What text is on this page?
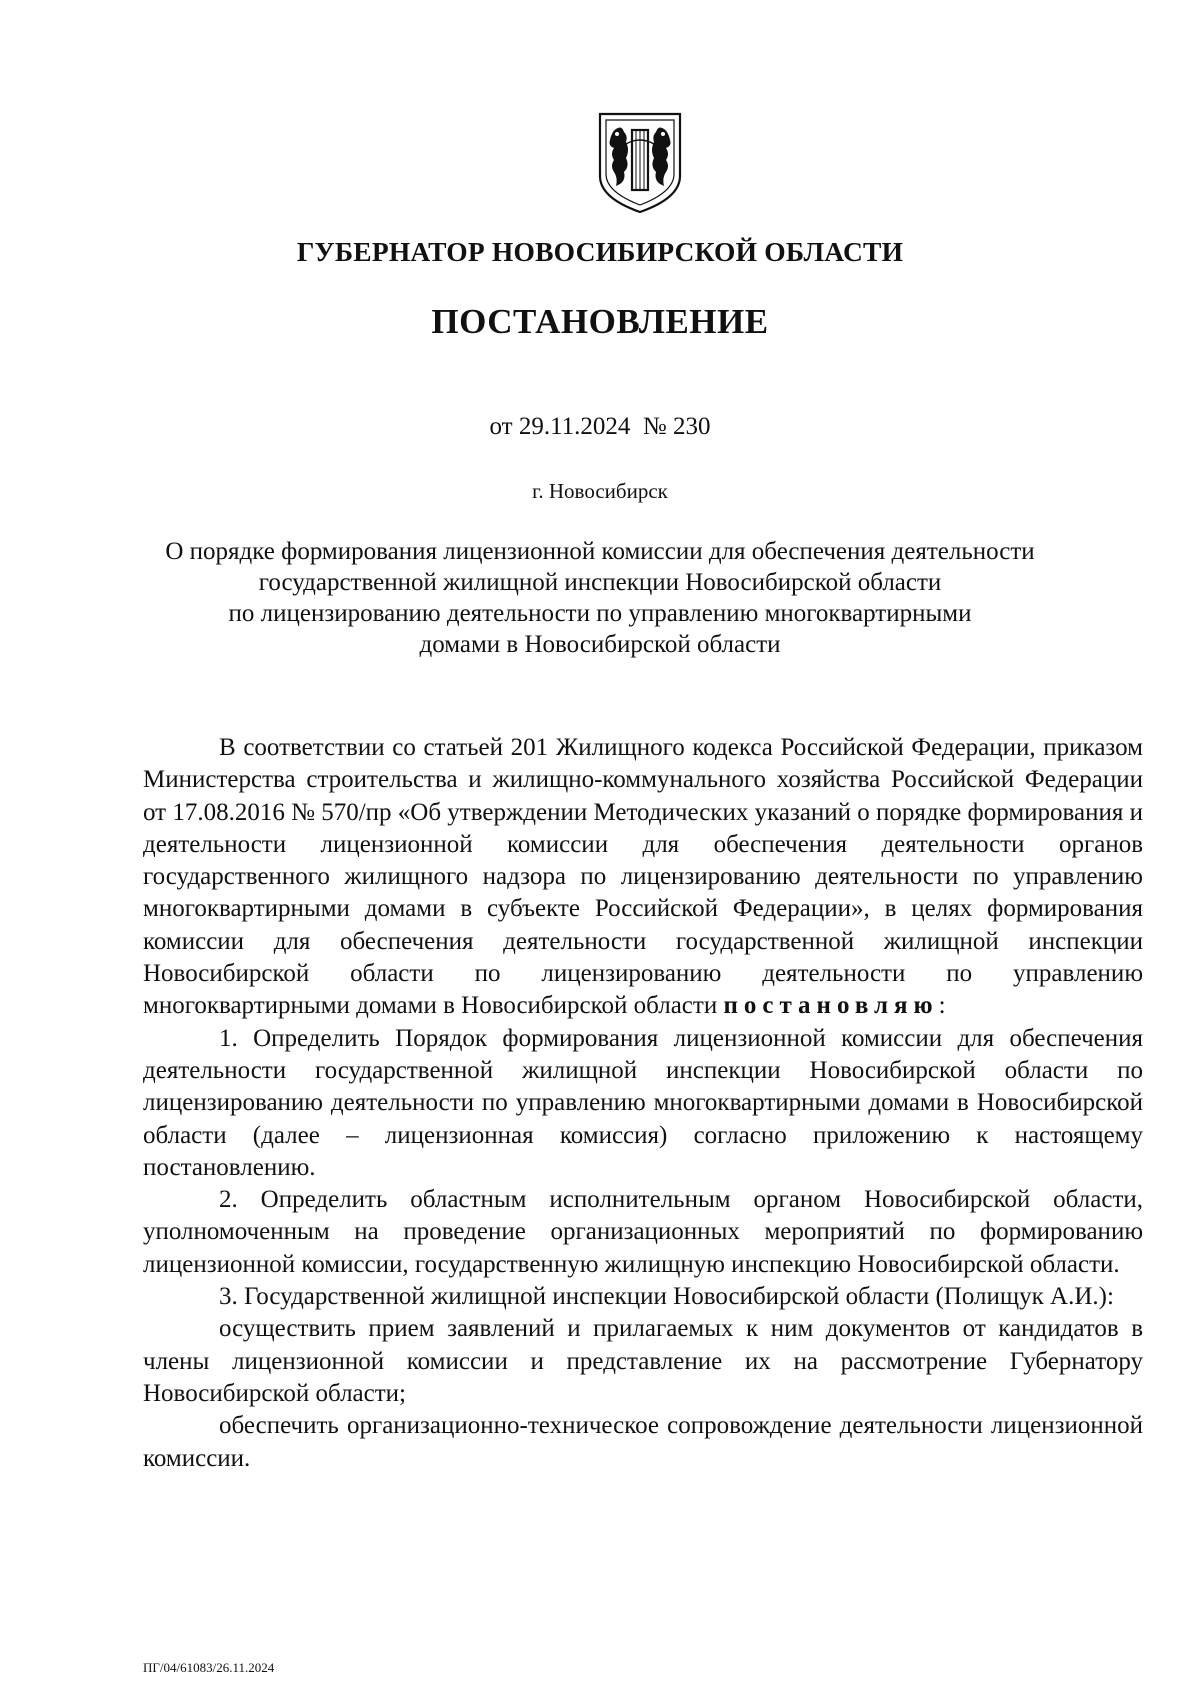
ГУБЕРНАТОР НОВОСИБИРСКОЙ ОБЛАСТИ
ПОСТАНОВЛЕНИЕ
от 29.11.2024  № 230
г. Новосибирск
О порядке формирования лицензионной комиссии для обеспечения деятельности
государственной жилищной инспекции Новосибирской области
по лицензированию деятельности по управлению многоквартирными
домами в Новосибирской области

В соответствии со статьей 201 Жилищного кодекса Российской Федерации, приказом Министерства строительства и жилищно-коммунального хозяйства Российской Федерации от 17.08.2016 № 570/пр «Об утверждении Методических указаний о порядке формирования и деятельности лицензионной комиссии для обеспечения деятельности органов государственного жилищного надзора по лицензированию деятельности по управлению многоквартирными домами в субъекте Российской Федерации», в целях формирования комиссии для обеспечения деятельности государственной жилищной инспекции Новосибирской области по лицензированию деятельности по управлению многоквартирными домами в Новосибирской области постановляю:

1. Определить Порядок формирования лицензионной комиссии для обеспечения деятельности государственной жилищной инспекции Новосибирской области по лицензированию деятельности по управлению многоквартирными домами в Новосибирской области (далее – лицензионная комиссия) согласно приложению к настоящему постановлению.

2. Определить областным исполнительным органом Новосибирской области, уполномоченным на проведение организационных мероприятий по формированию лицензионной комиссии, государственную жилищную инспекцию Новосибирской области.

3. Государственной жилищной инспекции Новосибирской области (Полищук А.И.):

осуществить прием заявлений и прилагаемых к ним документов от кандидатов в члены лицензионной комиссии и представление их на рассмотрение Губернатору Новосибирской области;

обеспечить организационно-техническое сопровождение деятельности лицензионной комиссии.

ПГ/04/61083/26.11.2024
